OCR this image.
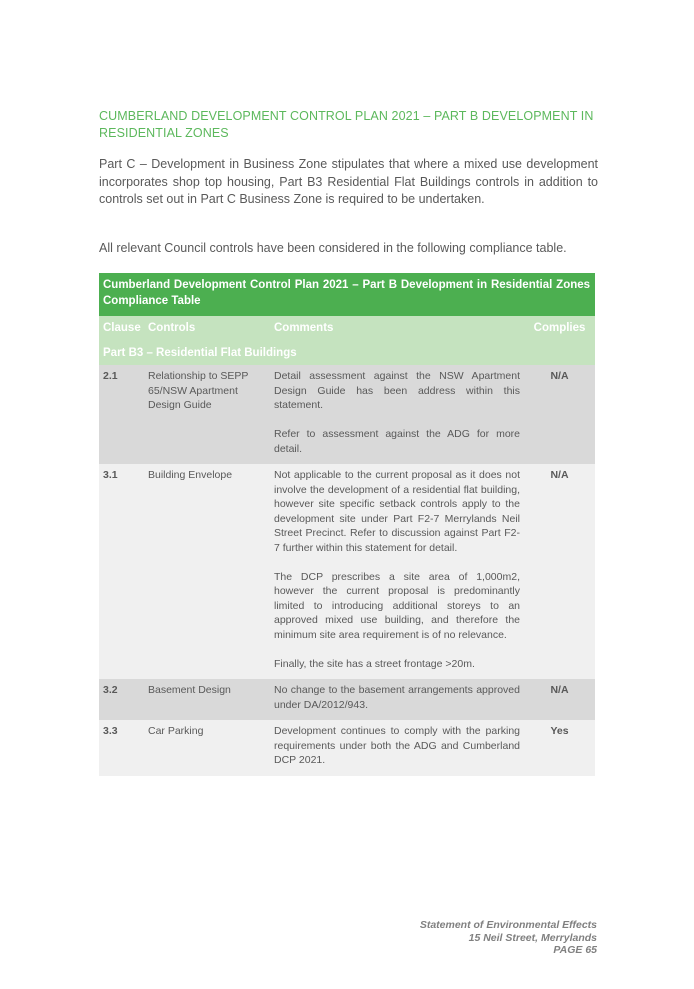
CUMBERLAND DEVELOPMENT CONTROL PLAN 2021 – PART B DEVELOPMENT IN RESIDENTIAL ZONES

Part C – Development in Business Zone stipulates that where a mixed use development incorporates shop top housing, Part B3 Residential Flat Buildings controls in addition to controls set out in Part C Business Zone is required to be undertaken.

All relevant Council controls have been considered in the following compliance table.

Cumberland Development Control Plan 2021 – Part B Development in Residential Zones Compliance Table			

Clause	Controls	Comments	Complies
Part B3 – Residential Flat Buildings			
2.1	Relationship to SEPP 65/NSW Apartment Design Guide	Detail assessment against the NSW Apartment Design Guide has been address within this statement.

Refer to assessment against the ADG for more detail.	N/A
3.1	Building Envelope	Not applicable to the current proposal as it does not involve the development of a residential flat building, however site specific setback controls apply to the development site under Part F2-7 Merrylands Neil Street Precinct. Refer to discussion against Part F2-7 further within this statement for detail.

The DCP prescribes a site area of 1,000m2, however the current proposal is predominantly limited to introducing additional storeys to an approved mixed use building, and therefore the minimum site area requirement is of no relevance.

Finally, the site has a street frontage >20m.	N/A
3.2	Basement Design	No change to the basement arrangements approved under DA/2012/943.	N/A
3.3	Car Parking	Development continues to comply with the parking requirements under both the ADG and Cumberland DCP 2021.	Yes
Statement of Environmental Effects
15 Neil Street, Merrylands
PAGE 65
